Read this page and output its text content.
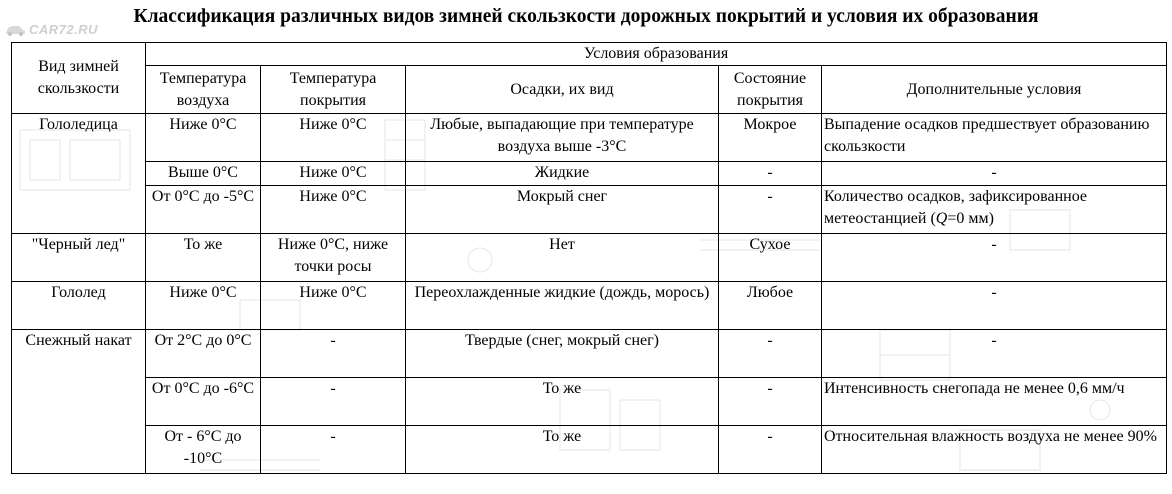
CAR72.RU
Классификация различных видов зимней скользкости дорожных покрытий и условия их образования
Вид зимней скользкости	Условия образования				
	Температура воздуха	Температура покрытия	Осадки, их вид	Состояние покрытия	Дополнительные условия
Гололедица	Ниже 0°С	Ниже 0°С	Любые, выпадающие при температуре воздуха выше -3°С	Мокрое	Выпадение осадков предшествует образованию скользкости
	Выше 0°С	Ниже 0°С	Жидкие	-	-
	От 0°С до -5°С	Ниже 0°С	Мокрый снег	-	Количество осадков, зафиксированное метеостанцией (Q=0 мм)
"Черный лед"	То же	Ниже 0°С, ниже точки росы	Нет	Сухое	-
Гололед	Ниже 0°С	Ниже 0°С	Переохлажденные жидкие (дождь, морось)	Любое	-
Снежный накат	От 2°С до 0°С	-	Твердые (снег, мокрый снег)	-	-
	От 0°С до -6°С	-	То же	-	Интенсивность снегопада не менее 0,6 мм/ч
	От - 6°С до -10°С	-	То же	-	Относительная влажность воздуха не менее 90%
